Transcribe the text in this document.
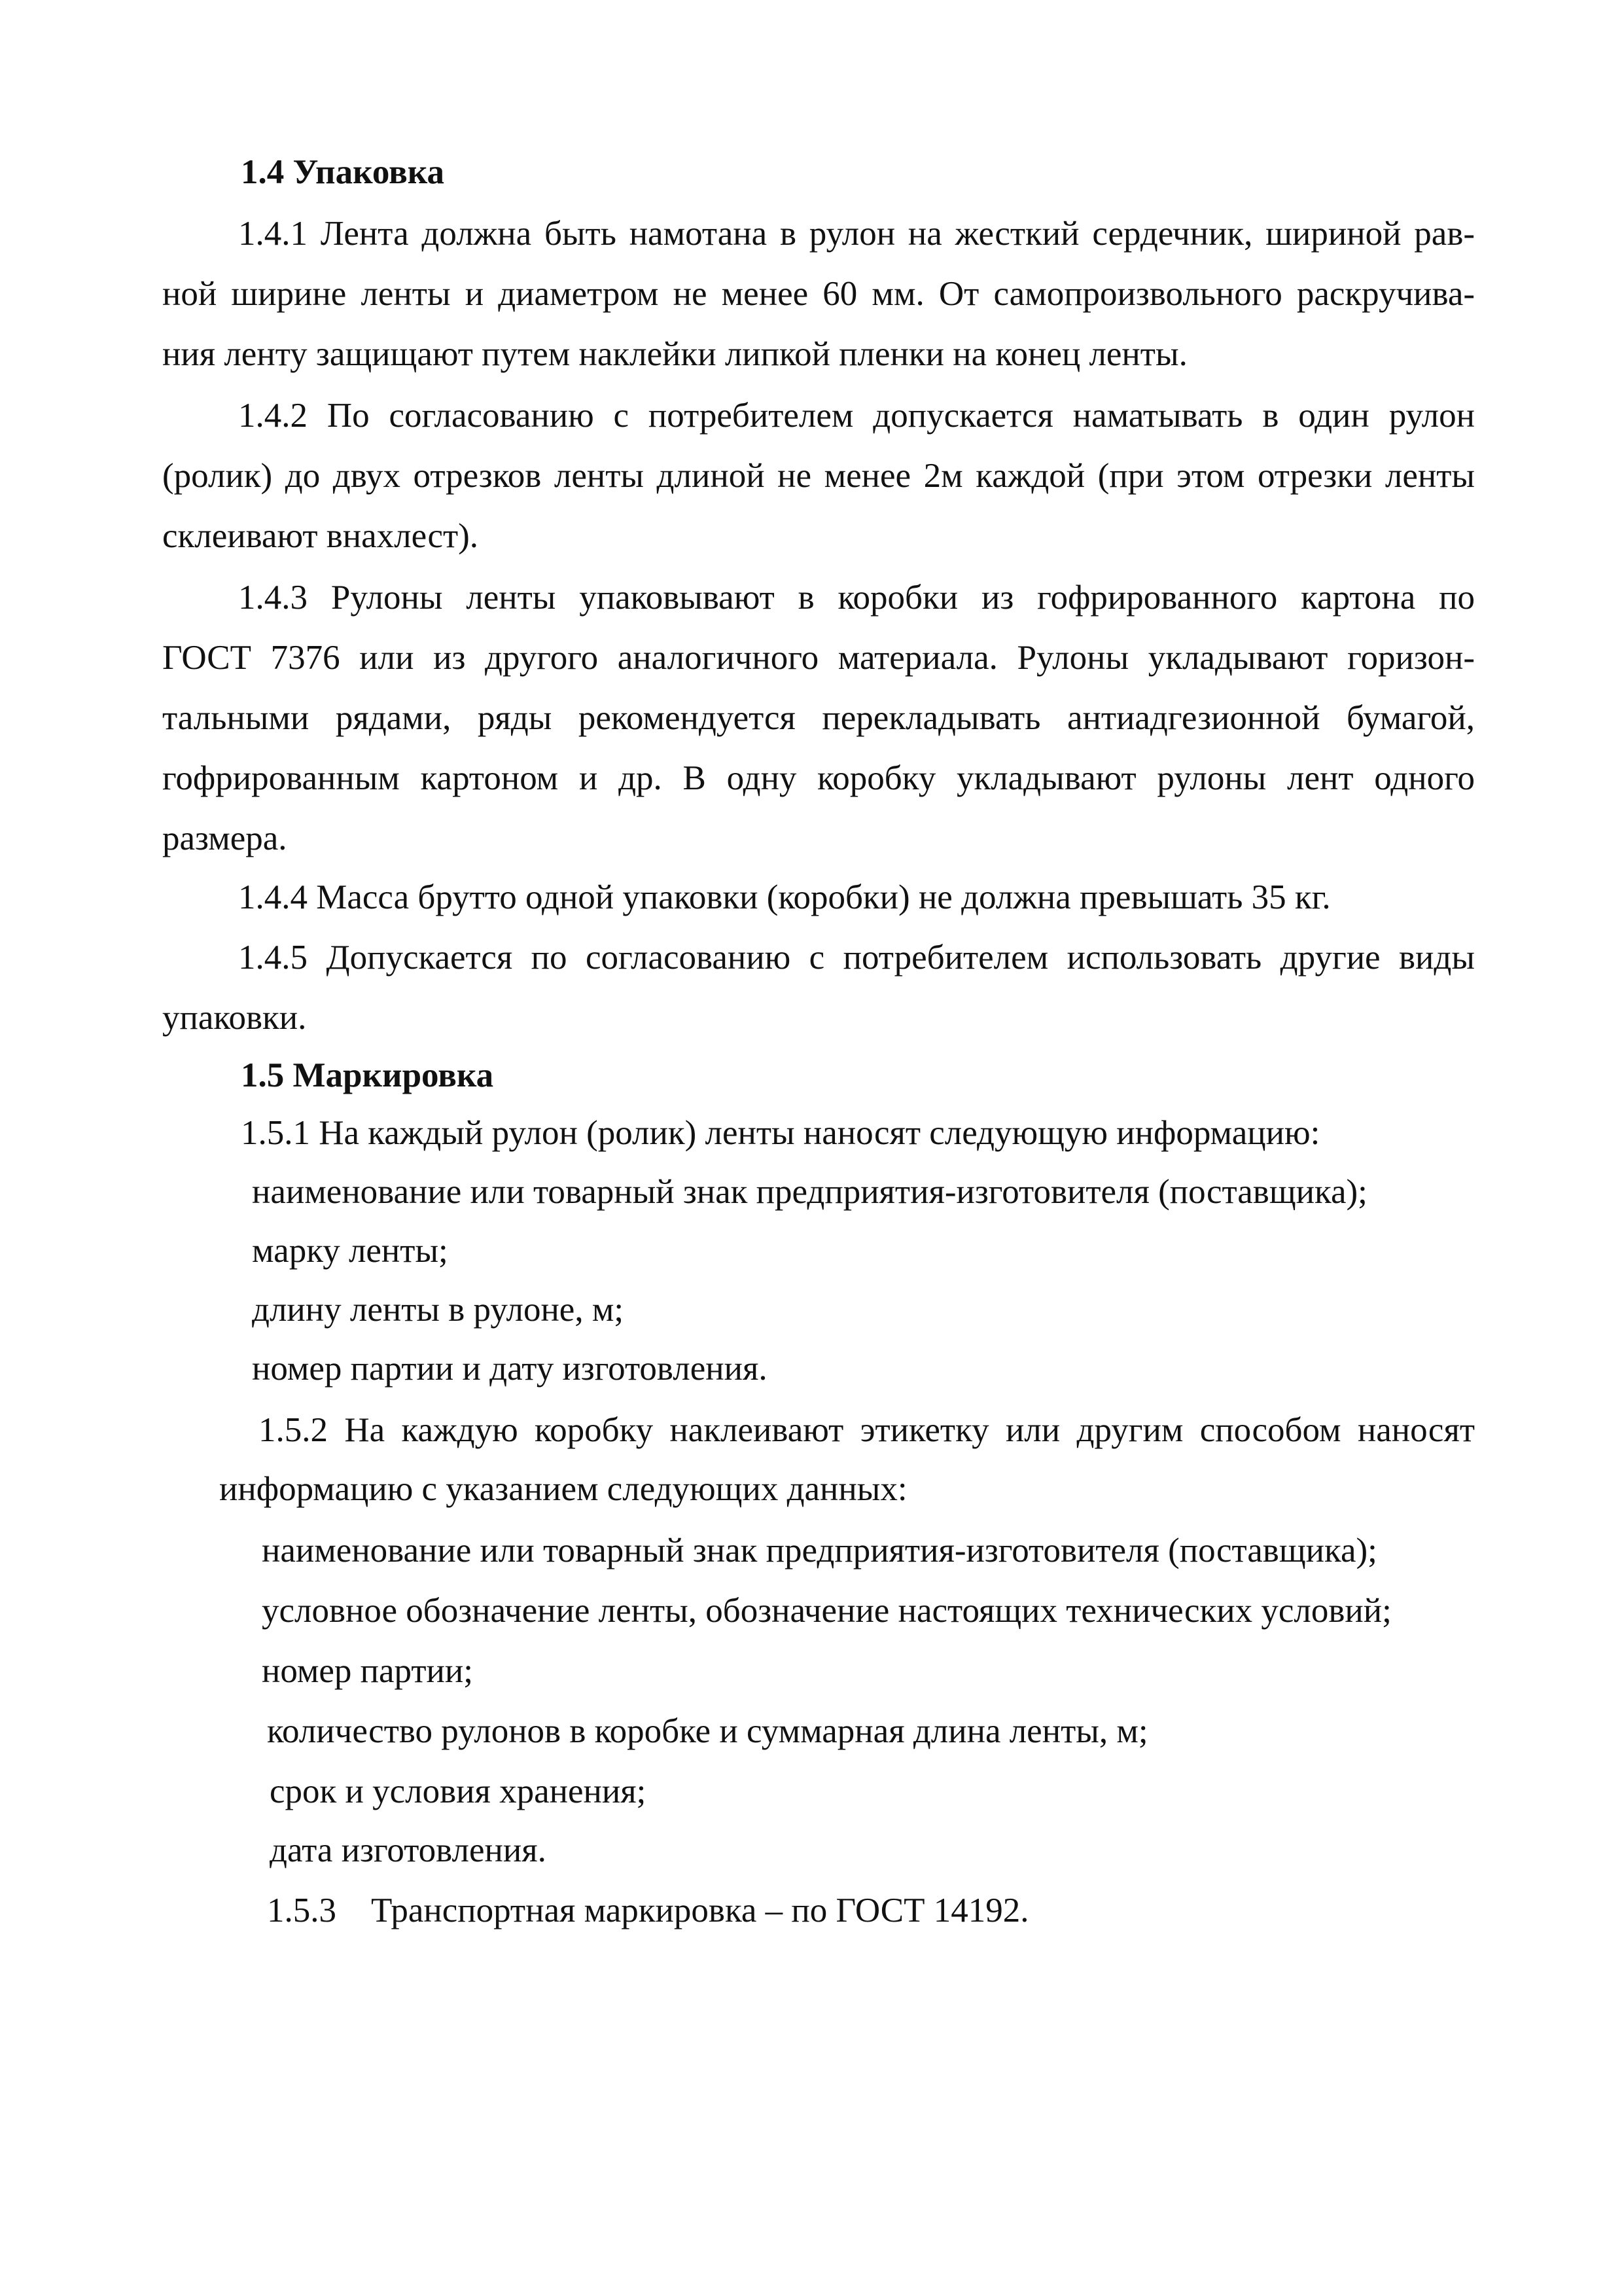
1.4 Упаковка
1.4.1 Лента должна быть намотана в рулон на жесткий сердечник, шириной рав-
ной ширине ленты и диаметром не менее 60 мм. От самопроизвольного раскручива-
ния ленту защищают путем наклейки липкой пленки на конец ленты.
1.4.2 По согласованию с потребителем допускается наматывать в один рулон
(ролик) до двух отрезков ленты длиной не менее 2м каждой (при этом отрезки ленты
склеивают внахлест).
1.4.3 Рулоны ленты упаковывают в коробки из гофрированного картона по
ГОСТ 7376 или из другого аналогичного материала. Рулоны укладывают горизон-
тальными рядами, ряды рекомендуется перекладывать антиадгезионной бумагой,
гофрированным картоном и др. В одну коробку укладывают рулоны лент одного
размера.
1.4.4 Масса брутто одной упаковки (коробки) не должна превышать 35 кг.
1.4.5 Допускается по согласованию с потребителем использовать другие виды
упаковки.
1.5 Маркировка
1.5.1 На каждый рулон (ролик) ленты наносят следующую информацию:
наименование или товарный знак предприятия-изготовителя (поставщика);
марку ленты;
длину ленты в рулоне, м;
номер партии и дату изготовления.
1.5.2 На каждую коробку наклеивают этикетку или другим способом наносят
информацию с указанием следующих данных:
наименование или товарный знак предприятия-изготовителя (поставщика);
условное обозначение ленты, обозначение настоящих технических условий;
номер партии;
количество рулонов в коробке и суммарная длина ленты, м;
срок и условия хранения;
дата изготовления.
1.5.3    Транспортная маркировка – по ГОСТ 14192.
